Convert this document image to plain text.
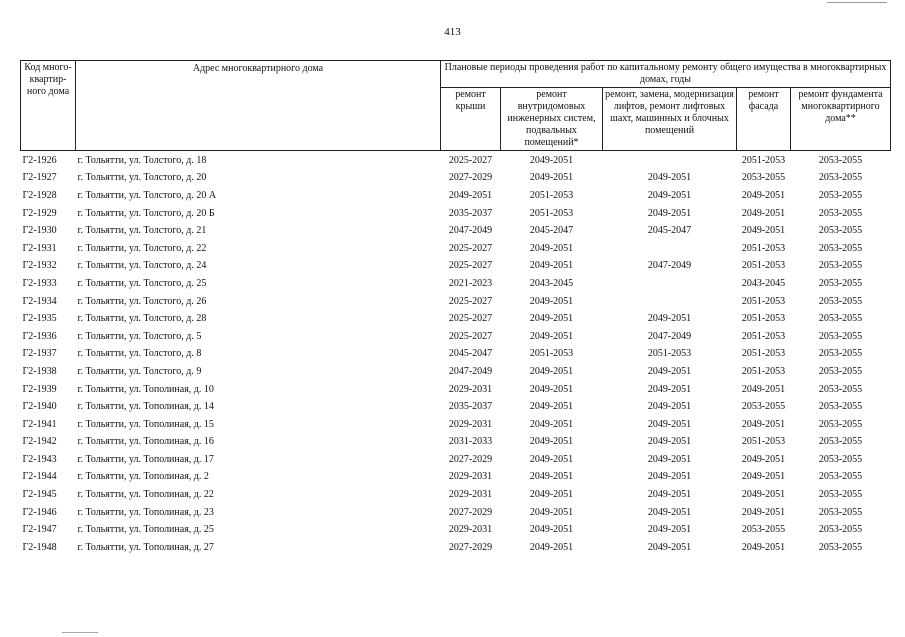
413
Код много-квартир-ного дома	Адрес многоквартирного дома	Плановые периоды проведения работ по капитальному ремонту общего имущества в многоквартирных домах, годы				
		ремонт крыши	ремонт внутридомовых инженерных систем, подвальных помещений*	ремонт, замена, модернизация лифтов, ремонт лифтовых шахт, машинных и блочных помещений	ремонт фасада	ремонт фундамента многоквартирного дома**
Г2-1926	г. Тольятти, ул. Толстого, д. 18	2025-2027	2049-2051		2051-2053	2053-2055
Г2-1927	г. Тольятти, ул. Толстого, д. 20	2027-2029	2049-2051	2049-2051	2053-2055	2053-2055
Г2-1928	г. Тольятти, ул. Толстого, д. 20 А	2049-2051	2051-2053	2049-2051	2049-2051	2053-2055
Г2-1929	г. Тольятти, ул. Толстого, д. 20 Б	2035-2037	2051-2053	2049-2051	2049-2051	2053-2055
Г2-1930	г. Тольятти, ул. Толстого, д. 21	2047-2049	2045-2047	2045-2047	2049-2051	2053-2055
Г2-1931	г. Тольятти, ул. Толстого, д. 22	2025-2027	2049-2051		2051-2053	2053-2055
Г2-1932	г. Тольятти, ул. Толстого, д. 24	2025-2027	2049-2051	2047-2049	2051-2053	2053-2055
Г2-1933	г. Тольятти, ул. Толстого, д. 25	2021-2023	2043-2045		2043-2045	2053-2055
Г2-1934	г. Тольятти, ул. Толстого, д. 26	2025-2027	2049-2051		2051-2053	2053-2055
Г2-1935	г. Тольятти, ул. Толстого, д. 28	2025-2027	2049-2051	2049-2051	2051-2053	2053-2055
Г2-1936	г. Тольятти, ул. Толстого, д. 5	2025-2027	2049-2051	2047-2049	2051-2053	2053-2055
Г2-1937	г. Тольятти, ул. Толстого, д. 8	2045-2047	2051-2053	2051-2053	2051-2053	2053-2055
Г2-1938	г. Тольятти, ул. Толстого, д. 9	2047-2049	2049-2051	2049-2051	2051-2053	2053-2055
Г2-1939	г. Тольятти, ул. Тополиная, д. 10	2029-2031	2049-2051	2049-2051	2049-2051	2053-2055
Г2-1940	г. Тольятти, ул. Тополиная, д. 14	2035-2037	2049-2051	2049-2051	2053-2055	2053-2055
Г2-1941	г. Тольятти, ул. Тополиная, д. 15	2029-2031	2049-2051	2049-2051	2049-2051	2053-2055
Г2-1942	г. Тольятти, ул. Тополиная, д. 16	2031-2033	2049-2051	2049-2051	2051-2053	2053-2055
Г2-1943	г. Тольятти, ул. Тополиная, д. 17	2027-2029	2049-2051	2049-2051	2049-2051	2053-2055
Г2-1944	г. Тольятти, ул. Тополиная, д. 2	2029-2031	2049-2051	2049-2051	2049-2051	2053-2055
Г2-1945	г. Тольятти, ул. Тополиная, д. 22	2029-2031	2049-2051	2049-2051	2049-2051	2053-2055
Г2-1946	г. Тольятти, ул. Тополиная, д. 23	2027-2029	2049-2051	2049-2051	2049-2051	2053-2055
Г2-1947	г. Тольятти, ул. Тополиная, д. 25	2029-2031	2049-2051	2049-2051	2053-2055	2053-2055
Г2-1948	г. Тольятти, ул. Тополиная, д. 27	2027-2029	2049-2051	2049-2051	2049-2051	2053-2055
